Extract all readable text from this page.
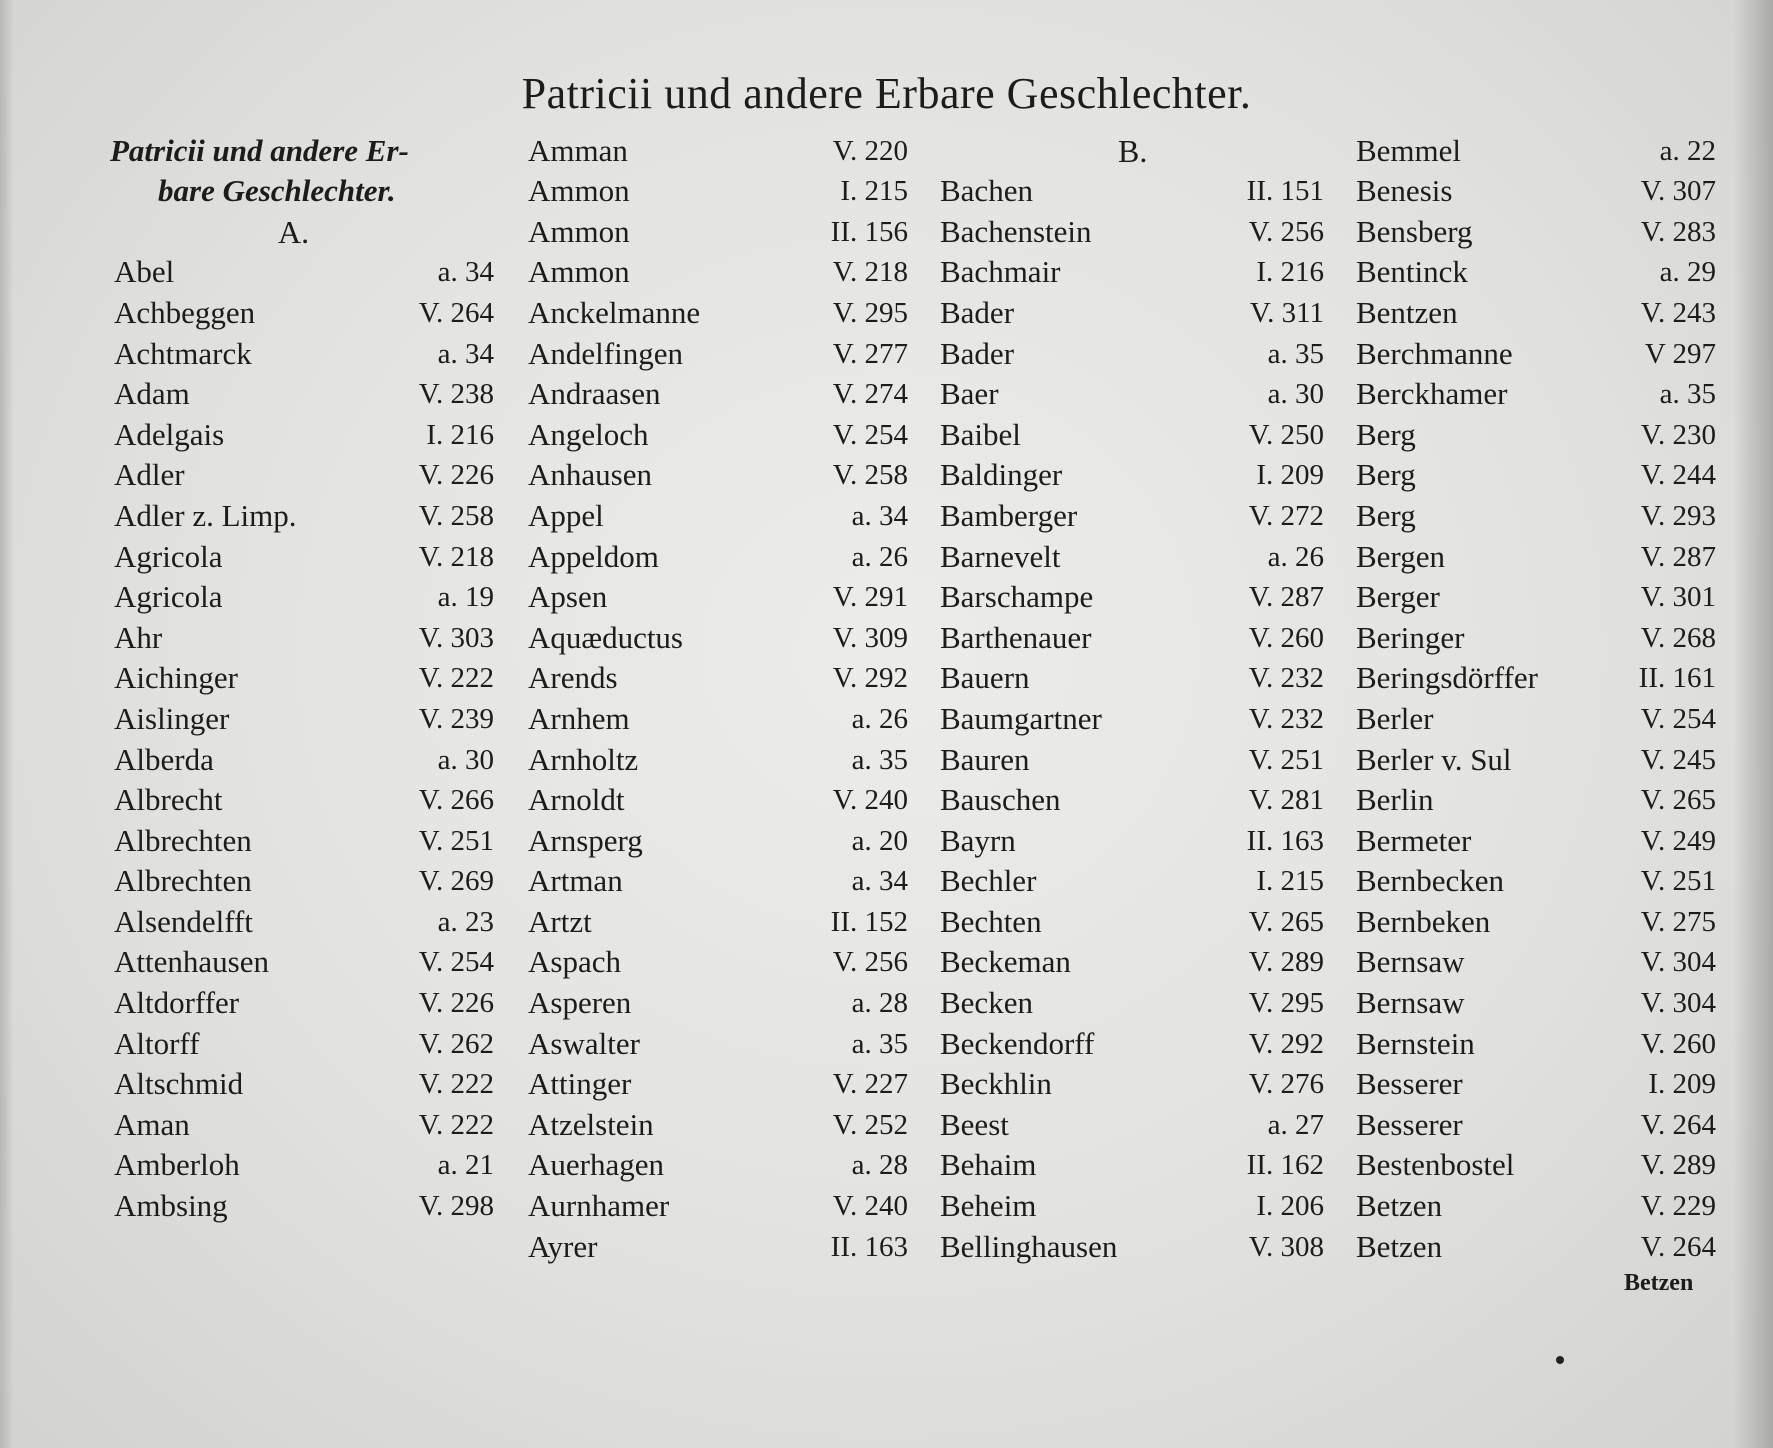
Patricii und andere Erbare Geschlechter.
Patricii und andere Er-
bare Geschlechter.
A.
Abel	a. 34
Achbeggen	V. 264
Achtmarck	a. 34
Adam	V. 238
Adelgais	I. 216
Adler	V. 226
Adler z. Limp.	V. 258
Agricola	V. 218
Agricola	a. 19
Ahr	V. 303
Aichinger	V. 222
Aislinger	V. 239
Alberda	a. 30
Albrecht	V. 266
Albrechten	V. 251
Albrechten	V. 269
Alsendelfft	a. 23
Attenhausen	V. 254
Altdorffer	V. 226
Altorff	V. 262
Altschmid	V. 222
Aman	V. 222
Amberloh	a. 21
Ambsing	V. 298
Amman	V. 220
Ammon	I. 215
Ammon	II. 156
Ammon	V. 218
Anckelmanne	V. 295
Andelfingen	V. 277
Andraasen	V. 274
Angeloch	V. 254
Anhausen	V. 258
Appel	a. 34
Appeldom	a. 26
Apsen	V. 291
Aquæductus	V. 309
Arends	V. 292
Arnhem	a. 26
Arnholtz	a. 35
Arnoldt	V. 240
Arnsperg	a. 20
Artman	a. 34
Artzt	II. 152
Aspach	V. 256
Asperen	a. 28
Aswalter	a. 35
Attinger	V. 227
Atzelstein	V. 252
Auerhagen	a. 28
Aurnhamer	V. 240
Ayrer	II. 163
B.
Bachen	II. 151
Bachenstein	V. 256
Bachmair	I. 216
Bader	V. 311
Bader	a. 35
Baer	a. 30
Baibel	V. 250
Baldinger	I. 209
Bamberger	V. 272
Barnevelt	a. 26
Barschampe	V. 287
Barthenauer	V. 260
Bauern	V. 232
Baumgartner	V. 232
Bauren	V. 251
Bauschen	V. 281
Bayrn	II. 163
Bechler	I. 215
Bechten	V. 265
Beckeman	V. 289
Becken	V. 295
Beckendorff	V. 292
Beckhlin	V. 276
Beest	a. 27
Behaim	II. 162
Beheim	I. 206
Bellinghausen	V. 308
Bemmel	a. 22
Benesis	V. 307
Bensberg	V. 283
Bentinck	a. 29
Bentzen	V. 243
Berchmanne	V 297
Berckhamer	a. 35
Berg	V. 230
Berg	V. 244
Berg	V. 293
Bergen	V. 287
Berger	V. 301
Beringer	V. 268
Beringsdörffer	II. 161
Berler	V. 254
Berler v. Sul	V. 245
Berlin	V. 265
Bermeter	V. 249
Bernbecken	V. 251
Bernbeken	V. 275
Bernsaw	V. 304
Bernsaw	V. 304
Bernstein	V. 260
Besserer	I. 209
Besserer	V. 264
Bestenbostel	V. 289
Betzen	V. 229
Betzen	V. 264
Betzen
